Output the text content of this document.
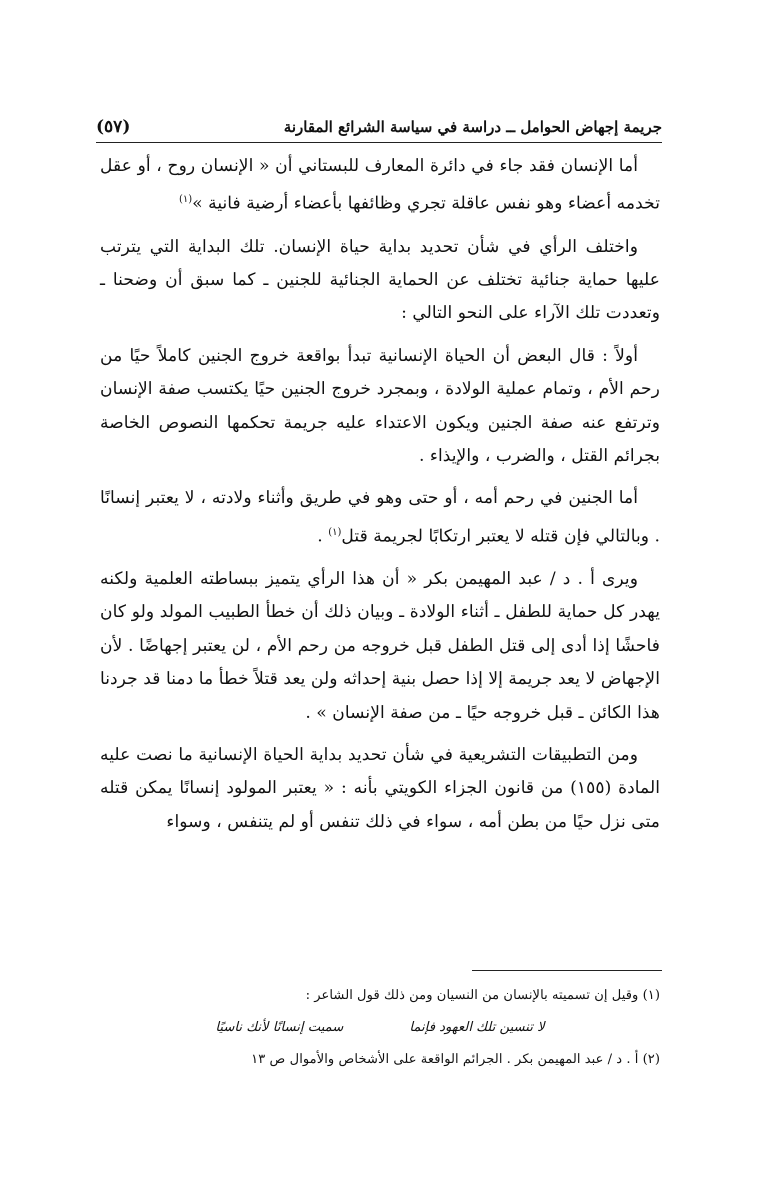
جريمة إجهاض الحوامل ــ دراسة في سياسة الشرائع المقارنة
(٥٧)

أما الإنسان فقد جاء في دائرة المعارف للبستاني أن « الإنسان روح ، أو عقل تخدمه أعضاء وهو نفس عاقلة تجري وظائفها بأعضاء أرضية فانية »$^{(١)}$

واختلف الرأي في شأن تحديد بداية حياة الإنسان. تلك البداية التي يترتب عليها حماية جنائية تختلف عن الحماية الجنائية للجنين ـ كما سبق أن وضحنا ـ وتعددت تلك الآراء على النحو التالي :

أولاً : قال البعض أن الحياة الإنسانية تبدأ بواقعة خروج الجنين كاملاً حيًا من رحم الأم ، وتمام عملية الولادة ، وبمجرد خروج الجنين حيًا يكتسب صفة الإنسان وترتفع عنه صفة الجنين ويكون الاعتداء عليه جريمة تحكمها النصوص الخاصة بجرائم القتل ، والضرب ، والإيذاء .

أما الجنين في رحم أمه ، أو حتى وهو في طريق وأثناء ولادته ، لا يعتبر إنسانًا . وبالتالي فإن قتله لا يعتبر ارتكابًا لجريمة قتل$^{(١)}$ .

ويرى أ . د / عبد المهيمن بكر « أن هذا الرأي يتميز ببساطته العلمية ولكنه يهدر كل حماية للطفل ـ أثناء الولادة ـ وبيان ذلك أن خطأ الطبيب المولد ولو كان فاحشًا إذا أدى إلى قتل الطفل قبل خروجه من رحم الأم ، لن يعتبر إجهاضًا . لأن الإجهاض لا يعد جريمة إلا إذا حصل بنية إحداثه ولن يعد قتلاً خطأ ما دمنا قد جردنا هذا الكائن ـ قبل خروجه حيًا ـ من صفة الإنسان » .

ومن التطبيقات التشريعية في شأن تحديد بداية الحياة الإنسانية ما نصت عليه المادة (١٥٥) من قانون الجزاء الكويتي بأنه : « يعتبر المولود إنسانًا يمكن قتله متى نزل حيًا من بطن أمه ، سواء في ذلك تنفس أو لم يتنفس ، وسواء

(١) وقيل إن تسميته بالإنسان من النسيان ومن ذلك قول الشاعر :

لا تنسين تلك العهود فإنما
سميت إنسانًا لأنك ناسيًا

(٢) أ . د / عبد المهيمن بكر . الجرائم الواقعة على الأشخاص والأموال ص ١٣
